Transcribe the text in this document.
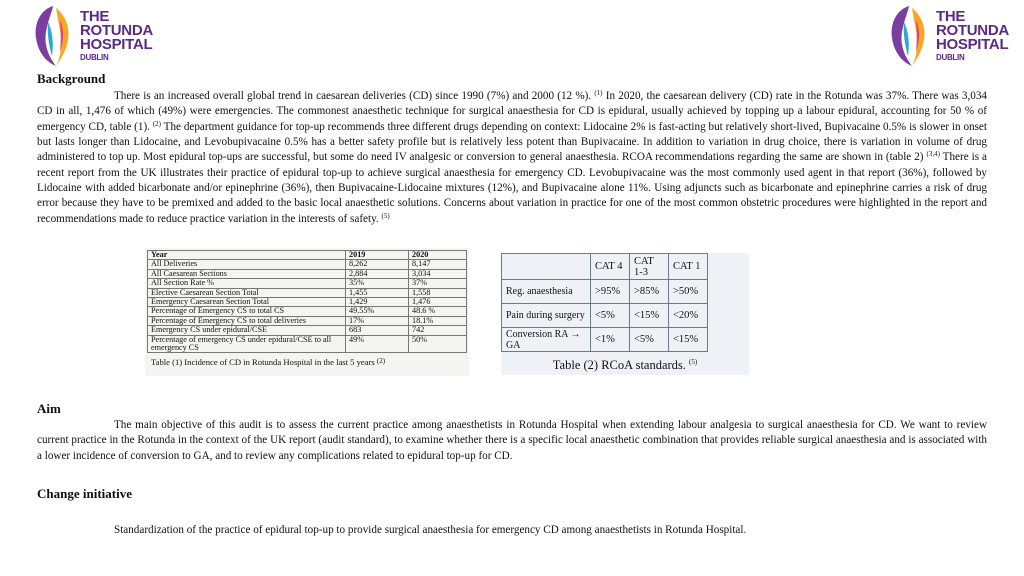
THE
ROTUNDA
HOSPITAL
DUBLIN
THE
ROTUNDA
HOSPITAL
DUBLIN
Background

There is an increased overall global trend in caesarean deliveries (CD) since 1990 (7%) and 2000 (12 %). $^{(1)}$ In 2020, the caesarean delivery (CD) rate in the Rotunda was 37%. There was 3,034 CD in all, 1,476 of which (49%) were emergencies. The commonest anaesthetic technique for surgical anaesthesia for CD is epidural, usually achieved by topping up a labour epidural, accounting for 50 % of emergency CD, table (1). $^{(2)}$ The department guidance for top-up recommends three different drugs depending on context: Lidocaine 2% is fast-acting but relatively short-lived, Bupivacaine 0.5% is slower in onset but lasts longer than Lidocaine, and Levobupivacaine 0.5% has a better safety profile but is relatively less potent than Bupivacaine. In addition to variation in drug choice, there is variation in volume of drug administered to top up. Most epidural top-ups are successful, but some do need IV analgesic or conversion to general anaesthesia. RCOA recommendations regarding the same are shown in (table 2) $^{(3,4)}$ There is a recent report from the UK illustrates their practice of epidural top-up to achieve surgical anaesthesia for emergency CD. Levobupivacaine was the most commonly used agent in that report (36%), followed by Lidocaine with added bicarbonate and/or epinephrine (36%), then Bupivacaine-Lidocaine mixtures (12%), and Bupivacaine alone 11%. Using adjuncts such as bicarbonate and epinephrine carries a risk of drug error because they have to be premixed and added to the basic local anaesthetic solutions. Concerns about variation in practice for one of the most common obstetric procedures were highlighted in the report and recommendations made to reduce practice variation in the interests of safety. $^{(5)}$

Year	2019	2020
All Deliveries	8,262	8,147
All Caesarean Sections	2,884	3,034
All Section Rate %	35%	37%
Elective Caesarean Section Total	1,455	1,558
Emergency Caesarean Section Total	1,429	1,476
Percentage of Emergency CS to total CS	49.55%	48.6 %
Percentage of Emergency CS to total deliveries	17%	18.1%
Emergency CS under epidural/CSE	683	742
Percentage of emergency CS under epidural/CSE to all emergency CS	49%	50%
Table (1) Incidence of CD in Rotunda Hospital in the last 5 years $^{(2)}$
	CAT 4	CAT 1-3	CAT 1
Reg. anaesthesia	>95%	>85%	>50%
Pain during surgery	<5%	<15%	<20%
Conversion RA → GA	<1%	<5%	<15%
Table (2) RCoA standards. $^{(5)}$
Aim

The main objective of this audit is to assess the current practice among anaesthetists in Rotunda Hospital when extending labour analgesia to surgical anaesthesia for CD. We want to review current practice in the Rotunda in the context of the UK report (audit standard), to examine whether there is a specific local anaesthetic combination that provides reliable surgical anaesthesia and is associated with a lower incidence of conversion to GA, and to review any complications related to epidural top-up for CD.

Change initiative

Standardization of the practice of epidural top-up to provide surgical anaesthesia for emergency CD among anaesthetists in Rotunda Hospital.
